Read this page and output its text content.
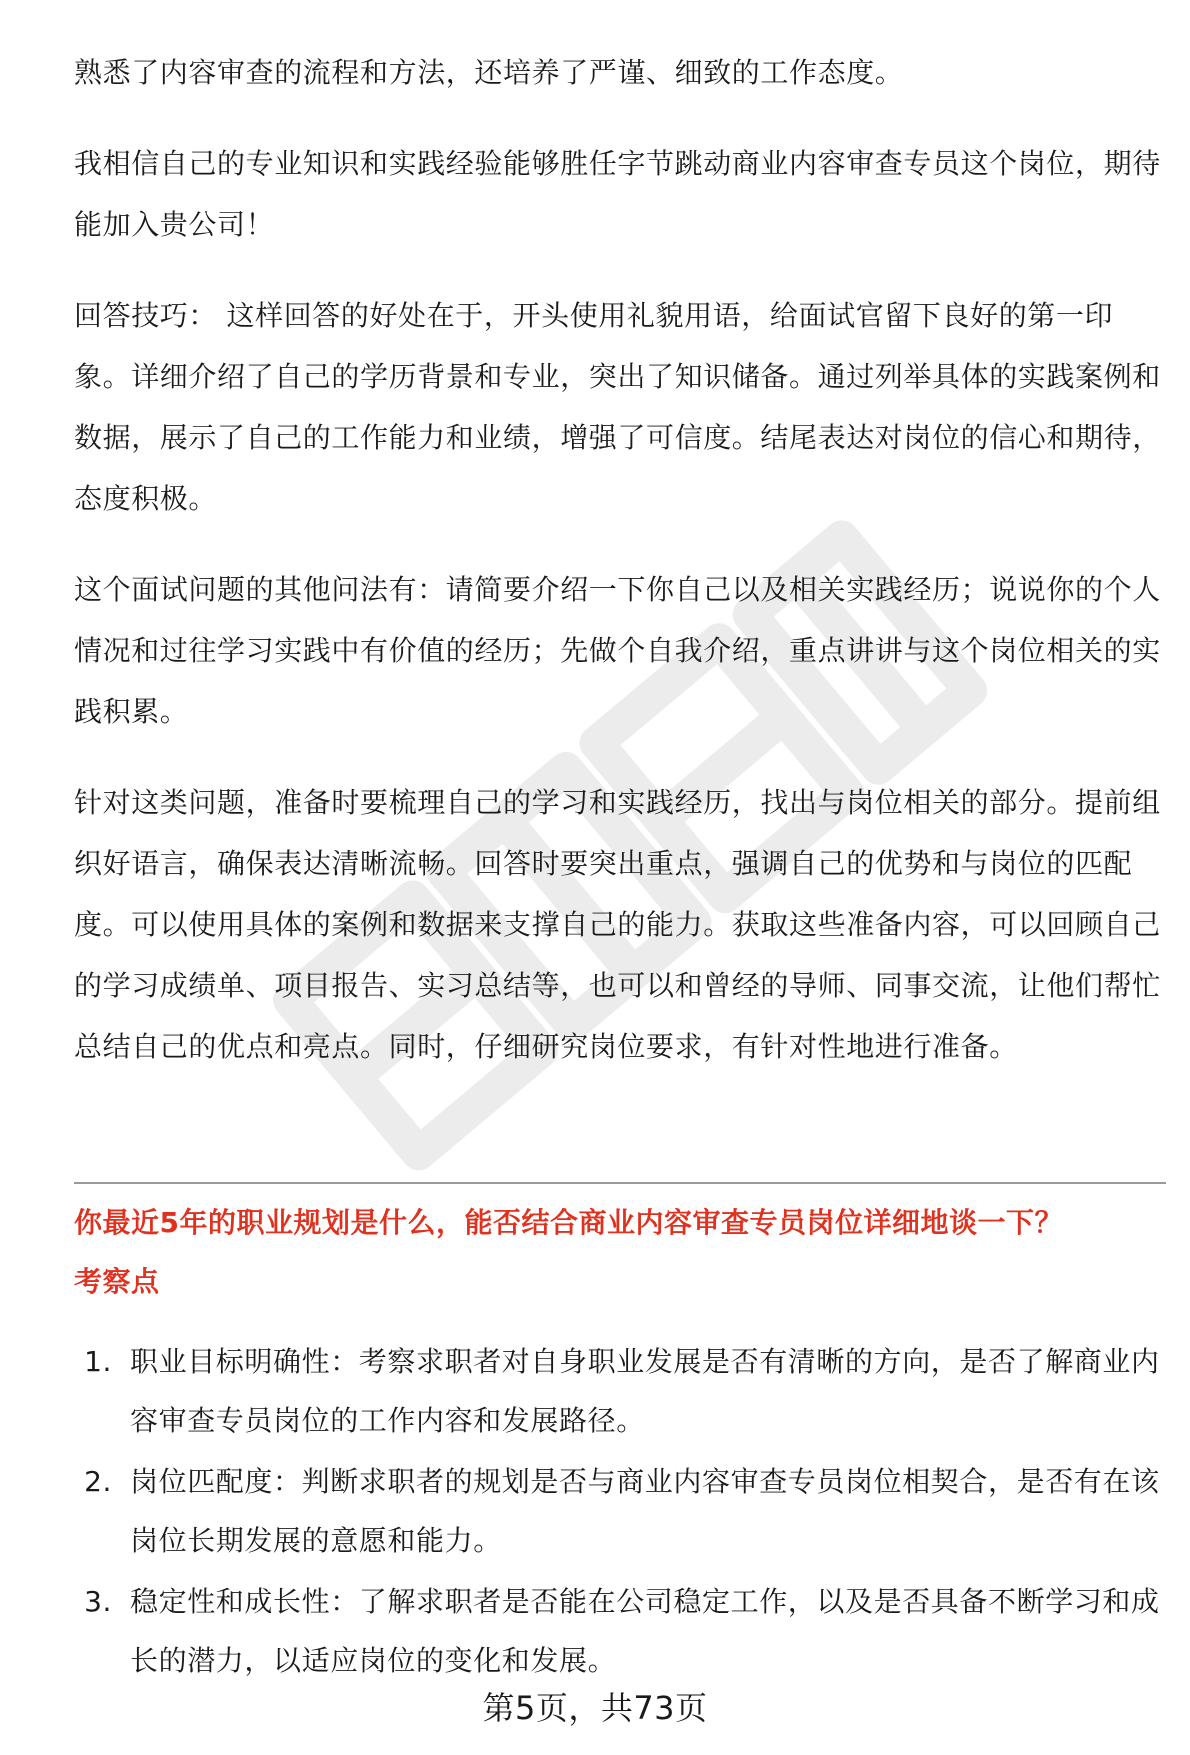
熟悉了内容审查的流程和方法，还培养了严谨、细致的工作态度。

我相信自己的专业知识和实践经验能够胜任字节跳动商业内容审查专员这个岗位，期待能加入贵公司！

回答技巧： 这样回答的好处在于，开头使用礼貌用语，给面试官留下良好的第一印象。详细介绍了自己的学历背景和专业，突出了知识储备。通过列举具体的实践案例和数据，展示了自己的工作能力和业绩，增强了可信度。结尾表达对岗位的信心和期待，态度积极。

这个面试问题的其他问法有：请简要介绍一下你自己以及相关实践经历；说说你的个人情况和过往学习实践中有价值的经历；先做个自我介绍，重点讲讲与这个岗位相关的实践积累。

针对这类问题，准备时要梳理自己的学习和实践经历，找出与岗位相关的部分。提前组织好语言，确保表达清晰流畅。回答时要突出重点，强调自己的优势和与岗位的匹配度。可以使用具体的案例和数据来支撑自己的能力。获取这些准备内容，可以回顾自己的学习成绩单、项目报告、实习总结等，也可以和曾经的导师、同事交流，让他们帮忙总结自己的优点和亮点。同时，仔细研究岗位要求，有针对性地进行准备。

你最近5年的职业规划是什么，能否结合商业内容审查专员岗位详细地谈一下？
考察点
1. 职业目标明确性：考察求职者对自身职业发展是否有清晰的方向，是否了解商业内容审查专员岗位的工作内容和发展路径。
2. 岗位匹配度：判断求职者的规划是否与商业内容审查专员岗位相契合，是否有在该岗位长期发展的意愿和能力。
3. 稳定性和成长性：了解求职者是否能在公司稳定工作，以及是否具备不断学习和成长的潜力，以适应岗位的变化和发展。
第5页，共73页
